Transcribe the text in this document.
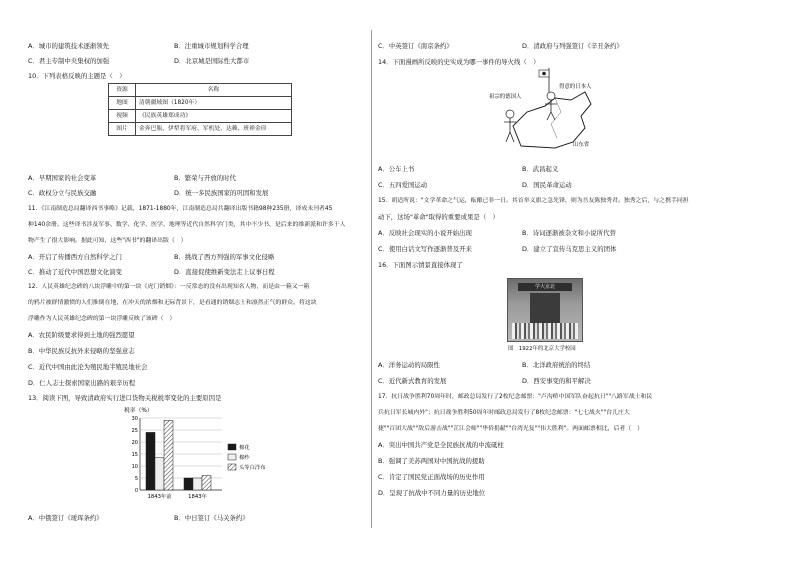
A．城市的建筑技术逐渐领先	B．注重城市规划科学合理
C．君主专制中央集权的加强	D．北京城是国际性大都市
10．下列表格反映的主题是（　）
资源	名称
地图	清朝疆域图（1820年）
视频	《民族英雄郑成功》
图片	金奔巴瓶、伊犁将军府、军机处、达赖、班禅金印
A．早期国家的社会变革	B．繁荣与开放的时代
C．政权分立与民族交融	D．统一多民族国家的巩固和发展
11．《江南制造总局翻译西书事略》记载，1871-1880年，江南制造总局共翻译出版书籍98种235册，译成未刊者45
种140余册。这些译书涉及军事、数学、化学、医学、地理等近代自然科学门类，其中不少书，是后来的维新派和许多干人
物产生了很大影响。据此可知，这些"西书"的翻译出版（　）
A．开启了传播西方自然科学之门	B．挑战了西方列强的军事文化侵略
C．推动了近代中国思想文化演变	D．直接促使维新变法走上议事日程
12．人民英雄纪念碑的八块浮雕中的第一块《虎门销烟》：一反常态的没有出现知名人物，而是由一箱又一箱
的鸦片被群情激愤的人们推倒在地，在冲天的浓烟和无际背景下，是看通的销烟志士和凛然正气的群众。将这块
浮雕作为人民英雄纪念碑的第一块浮雕反映了该碑（　）
A．农民阶级要求得到土地的强烈愿望
B．中华民族反抗外来侵略的坚强意志
C．近代中国由此沦为殖民地半殖民地社会
D．仁人志士探索国家出路的艰辛历程
13．阅读下图，导致清政府实行进口货物关税税率变化的主要原因是
税率（%）
0
5
10
15
20
25
30
1843年前	1843年
棉花
棉纱
头等白洋布
A．中俄签订《瑷珲条约》	B．中日签订《马关条约》
C．中英签订《南京条约》	D．清政府与列强签订《辛丑条约》
14．下面漫画所反映的史实成为哪一事件的导火线（　）
祖宗的德国人
得意的日本人
山东省
A．公车上书	B．武昌起义
C．五四爱国运动	D．国民革命运动
15．胡适所说："文学革命之气运，酝酿已非一日。其首举义旗之急先锋，则为吾友陈独秀君。独秀之后，与之携手同担
动下，这场"革命"取得的重要成果是（　）
A．反映社会现实的小说开始出现	B．诗词逐渐被杂文和小说所代替
C．使用白话文写作逐渐普及开来	D．建立了宣传马克思主义的团体
16．下面图示情景直接体现了
学大京北
图　1922年的北京大学校园
A．洋务运动的局限性	B．北洋政府统治的终结
C．近代新式教育的发展	D．西安事变的和平解决
17．抗日战争胜利70周年时，邮政总局发行了2枚纪念邮票："卢沟桥中国军队奋起抗日""八路军战士和民
兵抗日军长城内外"；抗日战争胜利50周年时邮政总局发行了8枚纪念邮票："七七战火""台儿庄大
捷""百团大战""敌后游击战""芷江会师""华侨捐献""台湾光复""伟大胜利"。两面邮票相比，后者（　）
A．突出中国共产党是全民族抗战的中流砥柱
B．强调了美苏两国对中国抗战的援助
C．肯定了国民党正面战场的历史作用
D．呈现了抗战中不同力量的历史地位
